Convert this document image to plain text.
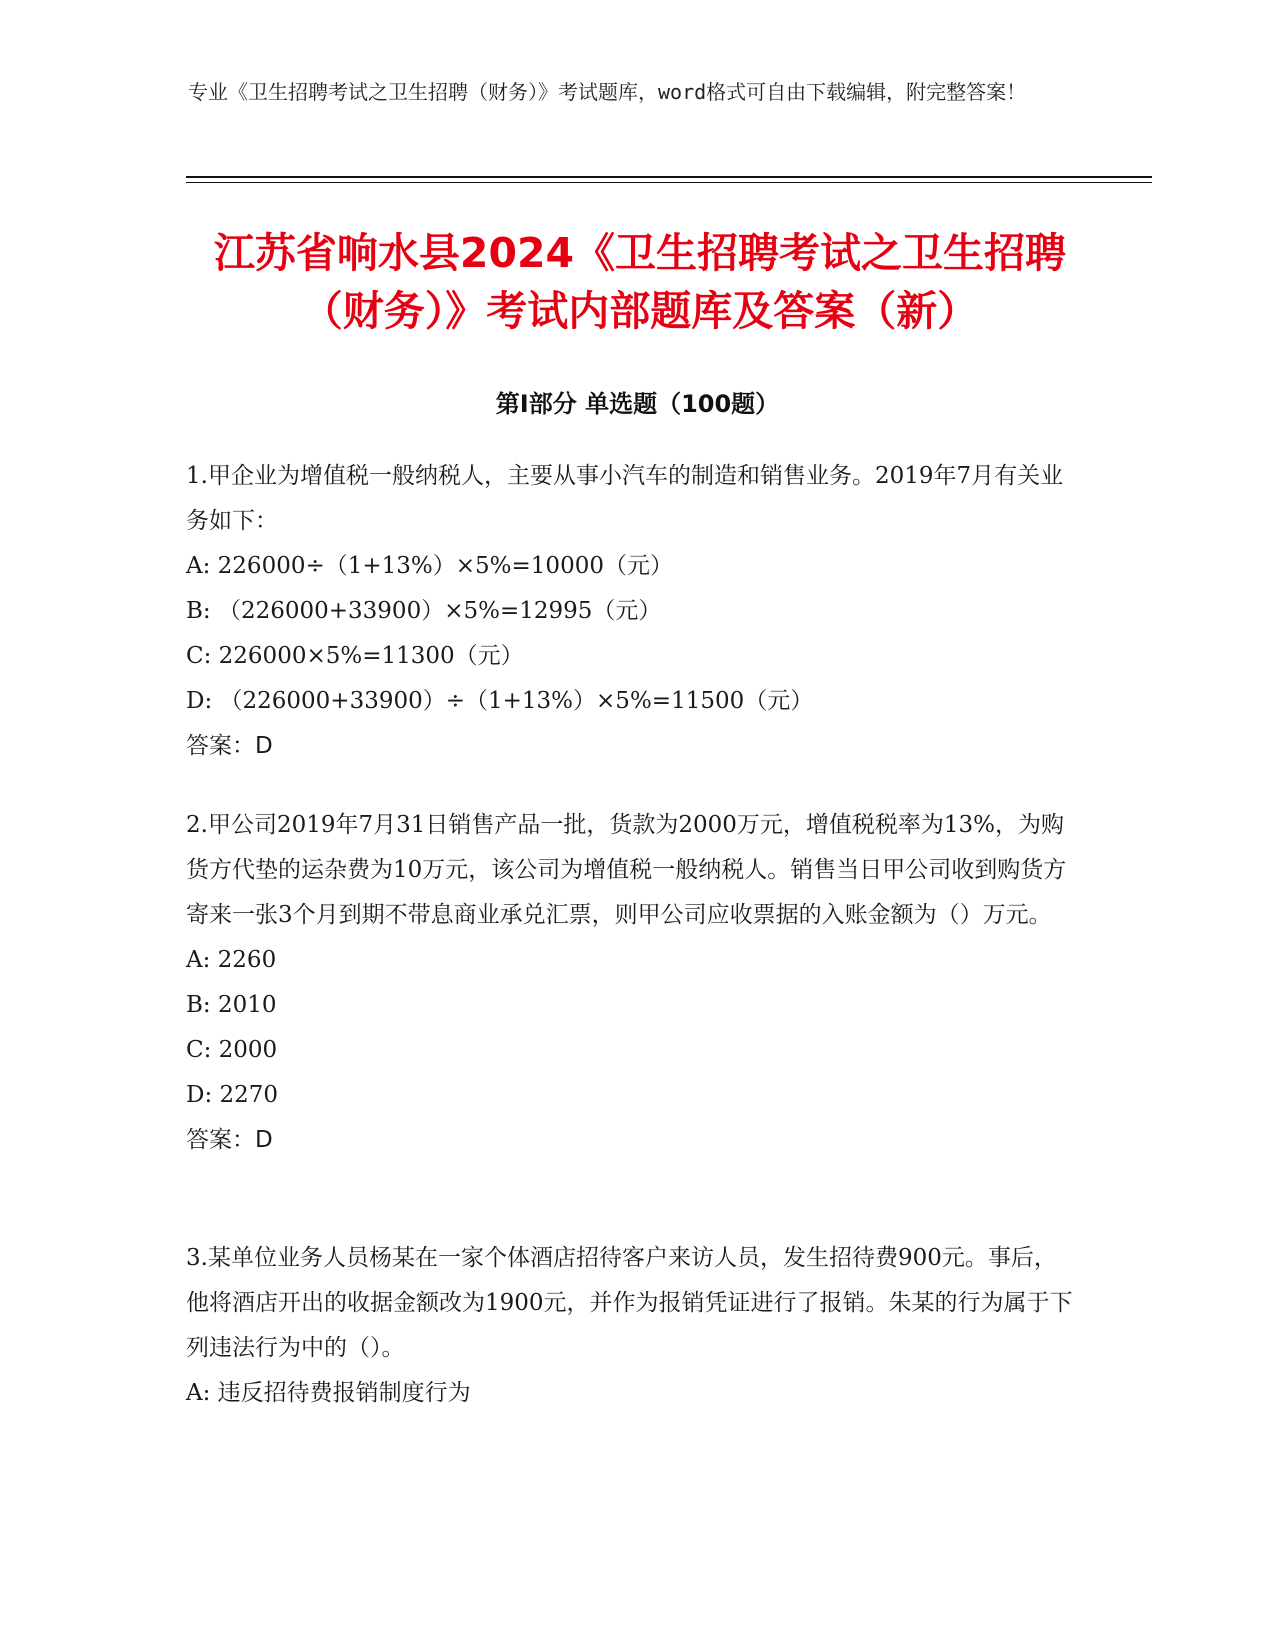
专业《卫生招聘考试之卫生招聘（财务）》考试题库，word格式可自由下载编辑，附完整答案！
江苏省响水县2024《卫生招聘考试之卫生招聘（财务）》考试内部题库及答案（新）
第Ⅰ部分 单选题（100题）

1.甲企业为增值税一般纳税人，主要从事小汽车的制造和销售业务。2019年7月有关业务如下：

A: 226000÷（1+13%）×5%=10000（元）

B: （226000+33900）×5%=12995（元）

C: 226000×5%=11300（元）

D: （226000+33900）÷（1+13%）×5%=11500（元）

答案：D

2.甲公司2019年7月31日销售产品一批，货款为2000万元，增值税税率为13%，为购货方代垫的运杂费为10万元，该公司为增值税一般纳税人。销售当日甲公司收到购货方寄来一张3个月到期不带息商业承兑汇票，则甲公司应收票据的入账金额为（）万元。

A: 2260

B: 2010

C: 2000

D: 2270

答案：D

3.某单位业务人员杨某在一家个体酒店招待客户来访人员，发生招待费900元。事后，他将酒店开出的收据金额改为1900元，并作为报销凭证进行了报销。朱某的行为属于下列违法行为中的（）。

A: 违反招待费报销制度行为
